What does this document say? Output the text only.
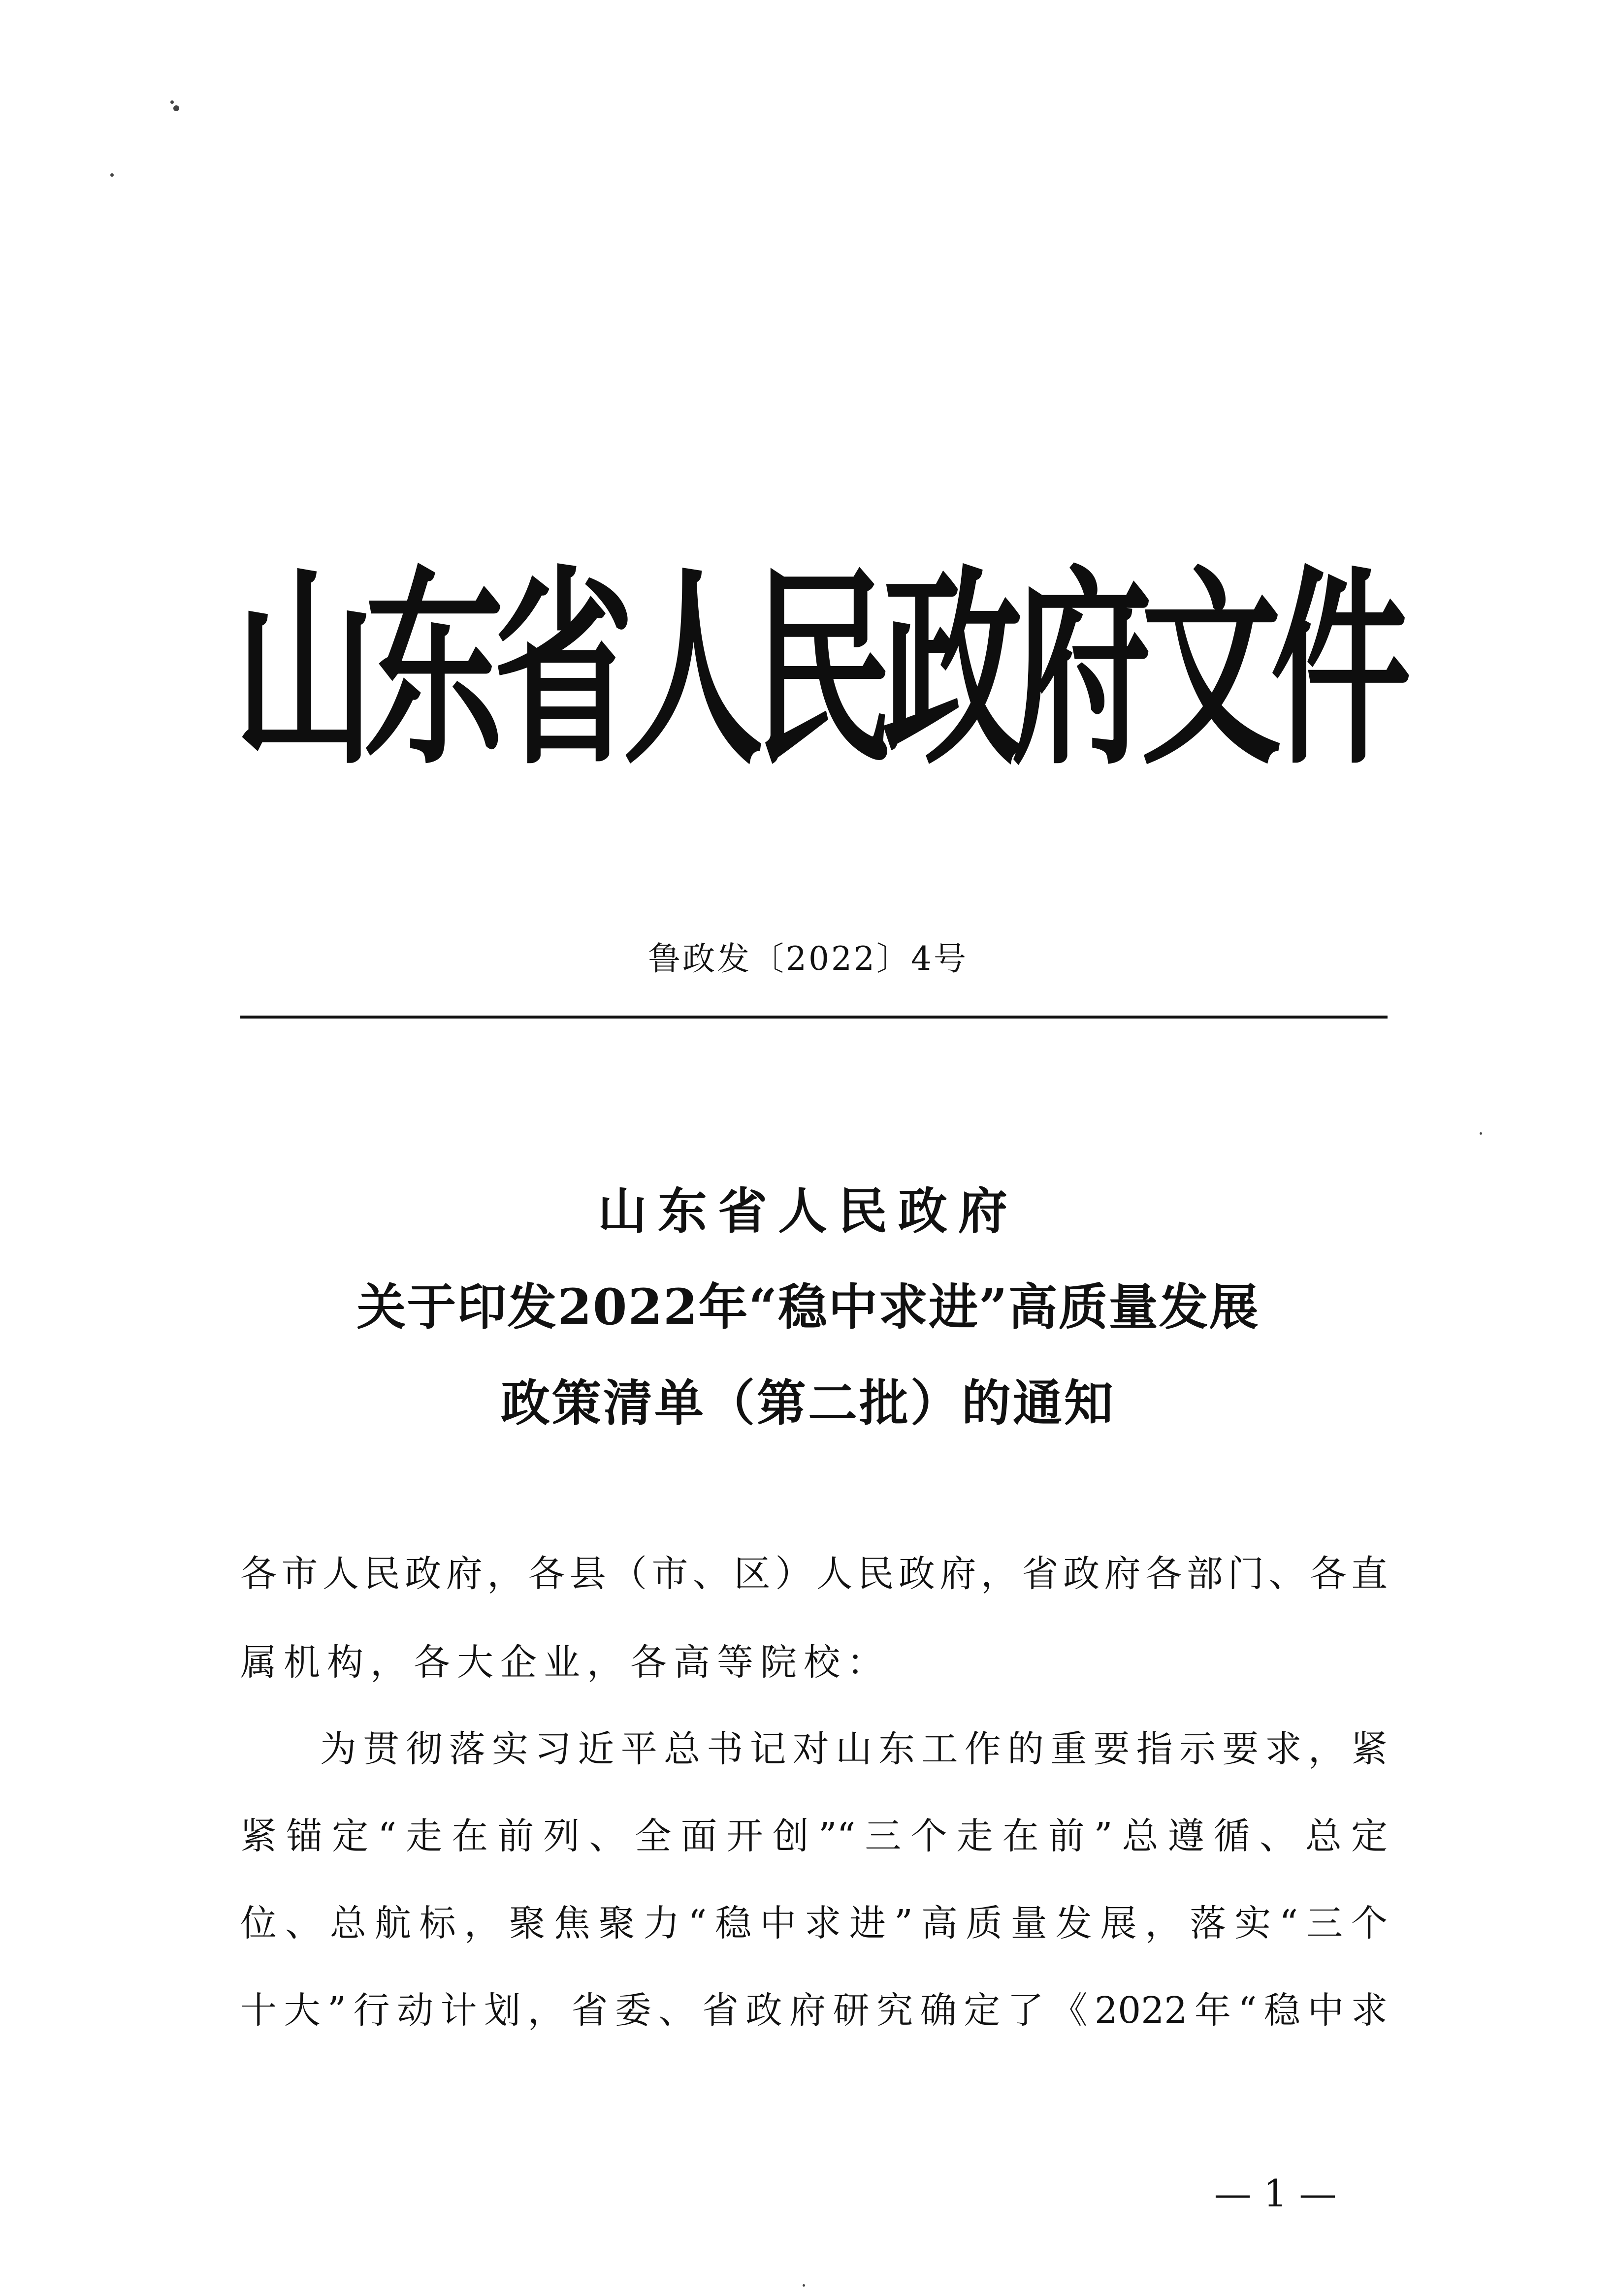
山东省人民政府文件
鲁政发〔2022〕4号
山东省人民政府
关于印发2022年“稳中求进”高质量发展
政策清单（第二批）的通知
各市人民政府，各县（市、区）人民政府，省政府各部门、各直
属机构，各大企业，各高等院校：
为贯彻落实习近平总书记对山东工作的重要指示要求，紧
紧锚定“走在前列、全面开创”“三个走在前”总遵循、总定
位、总航标，聚焦聚力“稳中求进”高质量发展，落实“三个
十大”行动计划，省委、省政府研究确定了《2022年“稳中求
— 1 —
